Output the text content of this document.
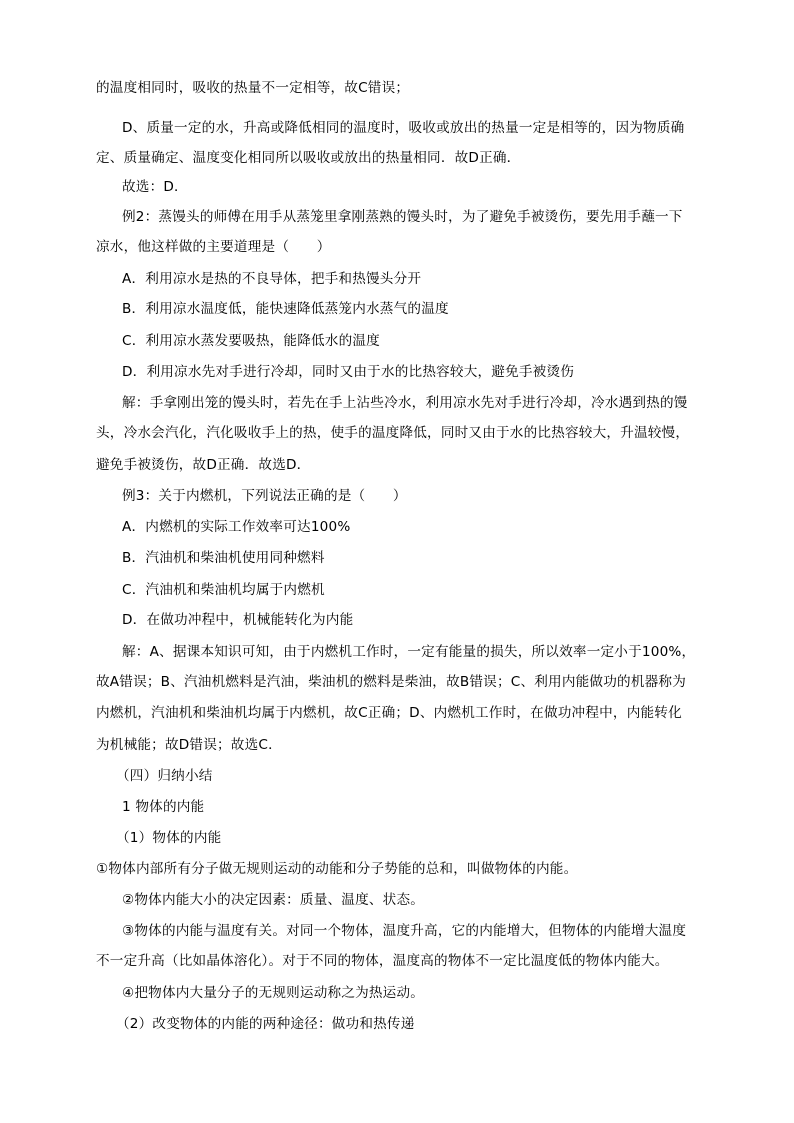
的温度相同时，吸收的热量不一定相等，故C错误；
D、质量一定的水，升高或降低相同的温度时，吸收或放出的热量一定是相等的，因为物质确
定、质量确定、温度变化相同所以吸收或放出的热量相同．故D正确．
故选：D．
例2：蒸馒头的师傅在用手从蒸笼里拿刚蒸熟的馒头时，为了避免手被烫伤，要先用手蘸一下
凉水，他这样做的主要道理是（　　）
A．利用凉水是热的不良导体，把手和热馒头分开
B．利用凉水温度低，能快速降低蒸笼内水蒸气的温度
C．利用凉水蒸发要吸热，能降低水的温度
D．利用凉水先对手进行冷却，同时又由于水的比热容较大，避免手被烫伤
解：手拿刚出笼的馒头时，若先在手上沾些冷水，利用凉水先对手进行冷却，冷水遇到热的馒
头，冷水会汽化，汽化吸收手上的热，使手的温度降低，同时又由于水的比热容较大，升温较慢，
避免手被烫伤，故D正确．故选D．
例3：关于内燃机，下列说法正确的是（　　）
A．内燃机的实际工作效率可达100%
B．汽油机和柴油机使用同种燃料
C．汽油机和柴油机均属于内燃机
D．在做功冲程中，机械能转化为内能
解：A、据课本知识可知，由于内燃机工作时，一定有能量的损失，所以效率一定小于100%，
故A错误；B、汽油机燃料是汽油，柴油机的燃料是柴油，故B错误；C、利用内能做功的机器称为
内燃机，汽油机和柴油机均属于内燃机，故C正确；D、内燃机工作时，在做功冲程中，内能转化
为机械能；故D错误；故选C．
（四）归纳小结
1 物体的内能
（1）物体的内能
①物体内部所有分子做无规则运动的动能和分子势能的总和，叫做物体的内能。
②物体内能大小的决定因素：质量、温度、状态。
③物体的内能与温度有关。对同一个物体，温度升高，它的内能增大，但物体的内能增大温度
不一定升高（比如晶体溶化）。对于不同的物体，温度高的物体不一定比温度低的物体内能大。
④把物体内大量分子的无规则运动称之为热运动。
（2）改变物体的内能的两种途径：做功和热传递
